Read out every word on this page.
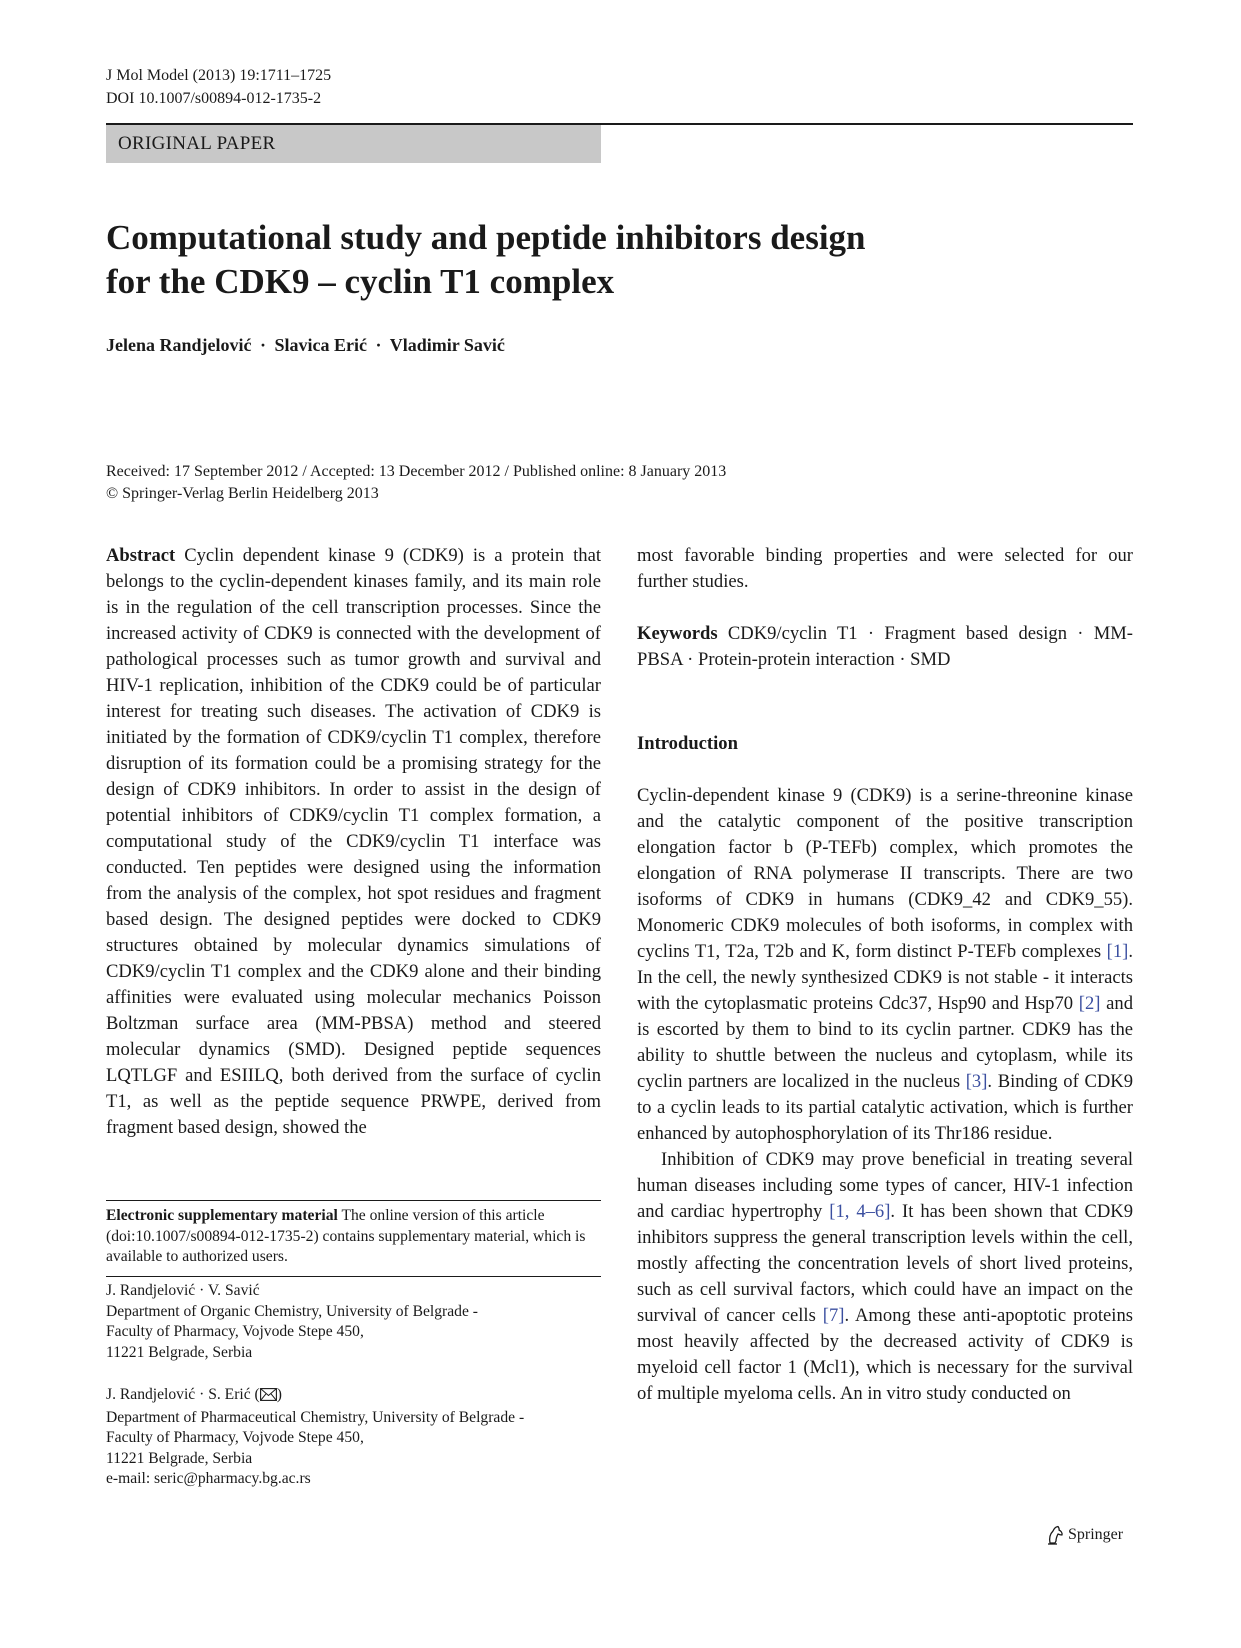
J Mol Model (2013) 19:1711–1725
DOI 10.1007/s00894-012-1735-2
ORIGINAL PAPER
Computational study and peptide inhibitors design
for the CDK9 – cyclin T1 complex
Jelena Randjelović · Slavica Erić · Vladimir Savić
Received: 17 September 2012 / Accepted: 13 December 2012 / Published online: 8 January 2013
© Springer-Verlag Berlin Heidelberg 2013

Abstract Cyclin dependent kinase 9 (CDK9) is a protein that belongs to the cyclin-dependent kinases family, and its main role is in the regulation of the cell transcription processes. Since the increased activity of CDK9 is connected with the development of pathological processes such as tumor growth and survival and HIV-1 replication, inhibition of the CDK9 could be of particular interest for treating such diseases. The activation of CDK9 is initiated by the formation of CDK9/cyclin T1 complex, therefore disruption of its formation could be a promising strategy for the design of CDK9 inhibitors. In order to assist in the design of potential inhibitors of CDK9/cyclin T1 complex formation, a computational study of the CDK9/cyclin T1 interface was conducted. Ten peptides were designed using the information from the analysis of the complex, hot spot residues and fragment based design. The designed peptides were docked to CDK9 structures obtained by molecular dynamics simulations of CDK9/cyclin T1 complex and the CDK9 alone and their binding affinities were evaluated using molecular mechanics Poisson Boltzman surface area (MM-PBSA) method and steered molecular dynamics (SMD). Designed peptide sequences LQTLGF and ESIILQ, both derived from the surface of cyclin T1, as well as the peptide sequence PRWPE, derived from fragment based design, showed the

most favorable binding properties and were selected for our further studies.

Keywords CDK9/cyclin T1 · Fragment based design · MM-PBSA · Protein-protein interaction · SMD

Introduction

Cyclin-dependent kinase 9 (CDK9) is a serine-threonine kinase and the catalytic component of the positive transcription elongation factor b (P-TEFb) complex, which promotes the elongation of RNA polymerase II transcripts. There are two isoforms of CDK9 in humans (CDK9_42 and CDK9_55). Monomeric CDK9 molecules of both isoforms, in complex with cyclins T1, T2a, T2b and K, form distinct P-TEFb complexes [1]. In the cell, the newly synthesized CDK9 is not stable - it interacts with the cytoplasmatic proteins Cdc37, Hsp90 and Hsp70 [2] and is escorted by them to bind to its cyclin partner. CDK9 has the ability to shuttle between the nucleus and cytoplasm, while its cyclin partners are localized in the nucleus [3]. Binding of CDK9 to a cyclin leads to its partial catalytic activation, which is further enhanced by autophosphorylation of its Thr186 residue.

Inhibition of CDK9 may prove beneficial in treating several human diseases including some types of cancer, HIV-1 infection and cardiac hypertrophy [1, 4–6]. It has been shown that CDK9 inhibitors suppress the general transcription levels within the cell, mostly affecting the concentration levels of short lived proteins, such as cell survival factors, which could have an impact on the survival of cancer cells [7]. Among these anti-apoptotic proteins most heavily affected by the decreased activity of CDK9 is myeloid cell factor 1 (Mcl1), which is necessary for the survival of multiple myeloma cells. An in vitro study conducted on

Electronic supplementary material The online version of this article (doi:10.1007/s00894-012-1735-2) contains supplementary material, which is available to authorized users.
J. Randjelović · V. Savić
Department of Organic Chemistry, University of Belgrade -
Faculty of Pharmacy, Vojvode Stepe 450,
11221 Belgrade, Serbia
J. Randjelović · S. Erić ( )
Department of Pharmaceutical Chemistry, University of Belgrade -
Faculty of Pharmacy, Vojvode Stepe 450,
11221 Belgrade, Serbia
e-mail: seric@pharmacy.bg.ac.rs
Springer
